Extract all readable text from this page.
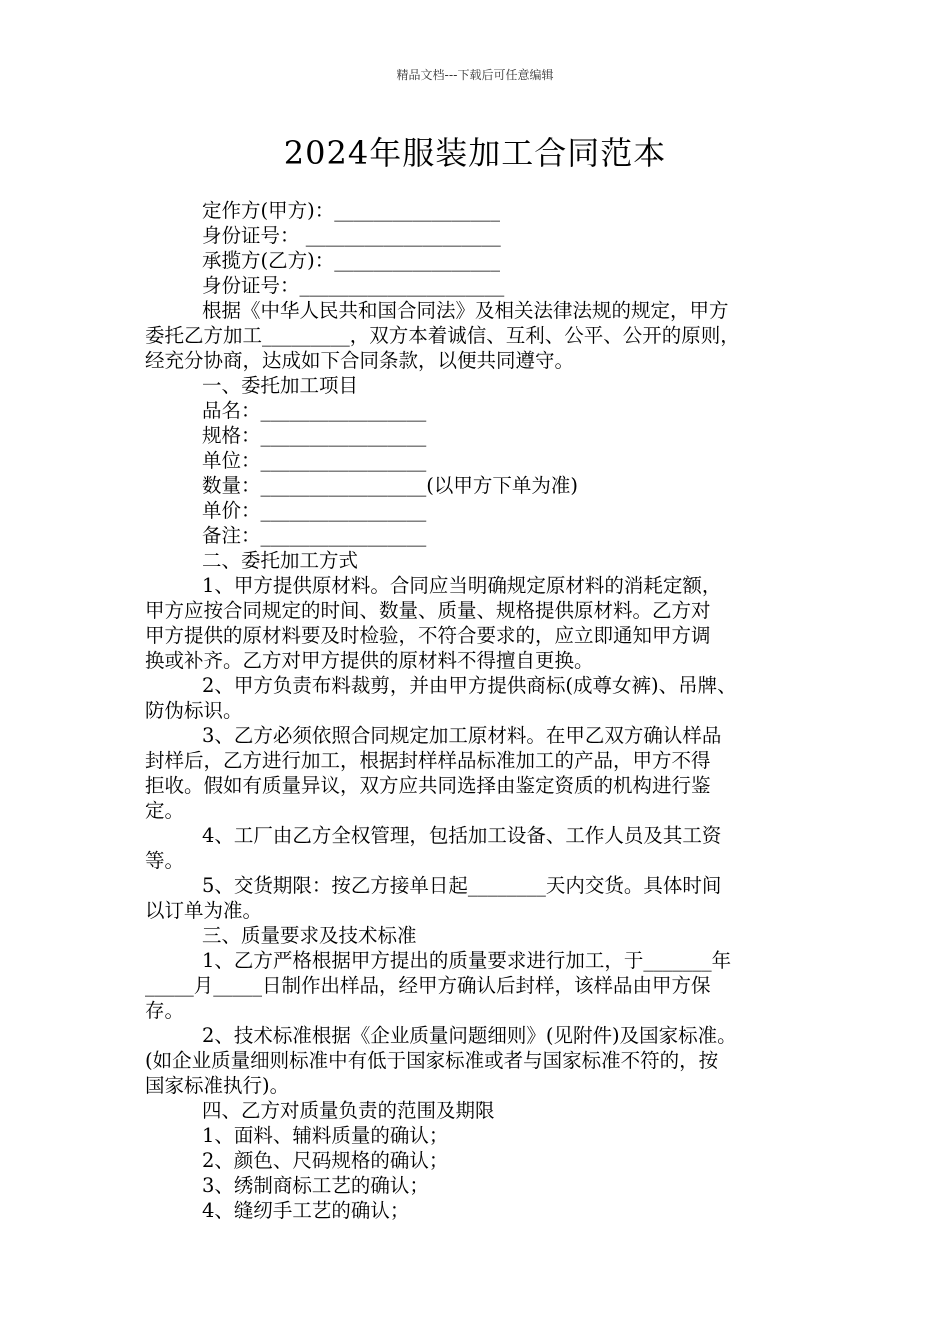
精品文档---下载后可任意编辑
2024年服装加工合同范本
定作方(甲方)：_________________
身份证号： ____________________
承揽方(乙方)：_________________
身份证号：_____________________
根据《中华人民共和国合同法》及相关法律法规的规定，甲方
委托乙方加工_________，双方本着诚信、互利、公平、公开的原则，
经充分协商，达成如下合同条款，以便共同遵守。
一、委托加工项目
品名：_________________
规格：_________________
单位：_________________
数量：_________________(以甲方下单为准)
单价：_________________
备注：_________________
二、委托加工方式
1、甲方提供原材料。合同应当明确规定原材料的消耗定额，
甲方应按合同规定的时间、数量、质量、规格提供原材料。乙方对
甲方提供的原材料要及时检验，不符合要求的，应立即通知甲方调
换或补齐。乙方对甲方提供的原材料不得擅自更换。
2、甲方负责布料裁剪，并由甲方提供商标(成尊女裤)、吊牌、
防伪标识。
3、乙方必须依照合同规定加工原材料。在甲乙双方确认样品
封样后，乙方进行加工，根据封样样品标准加工的产品，甲方不得
拒收。假如有质量异议，双方应共同选择由鉴定资质的机构进行鉴
定。
4、工厂由乙方全权管理，包括加工设备、工作人员及其工资
等。
5、交货期限：按乙方接单日起________天内交货。具体时间
以订单为准。
三、质量要求及技术标准
1、乙方严格根据甲方提出的质量要求进行加工，于_______年
_____月_____日制作出样品，经甲方确认后封样，该样品由甲方保
存。
2、技术标准根据《企业质量问题细则》(见附件)及国家标准。
(如企业质量细则标准中有低于国家标准或者与国家标准不符的，按
国家标准执行)。
四、乙方对质量负责的范围及期限
1、面料、辅料质量的确认；
2、颜色、尺码规格的确认；
3、绣制商标工艺的确认；
4、缝纫手工艺的确认；
